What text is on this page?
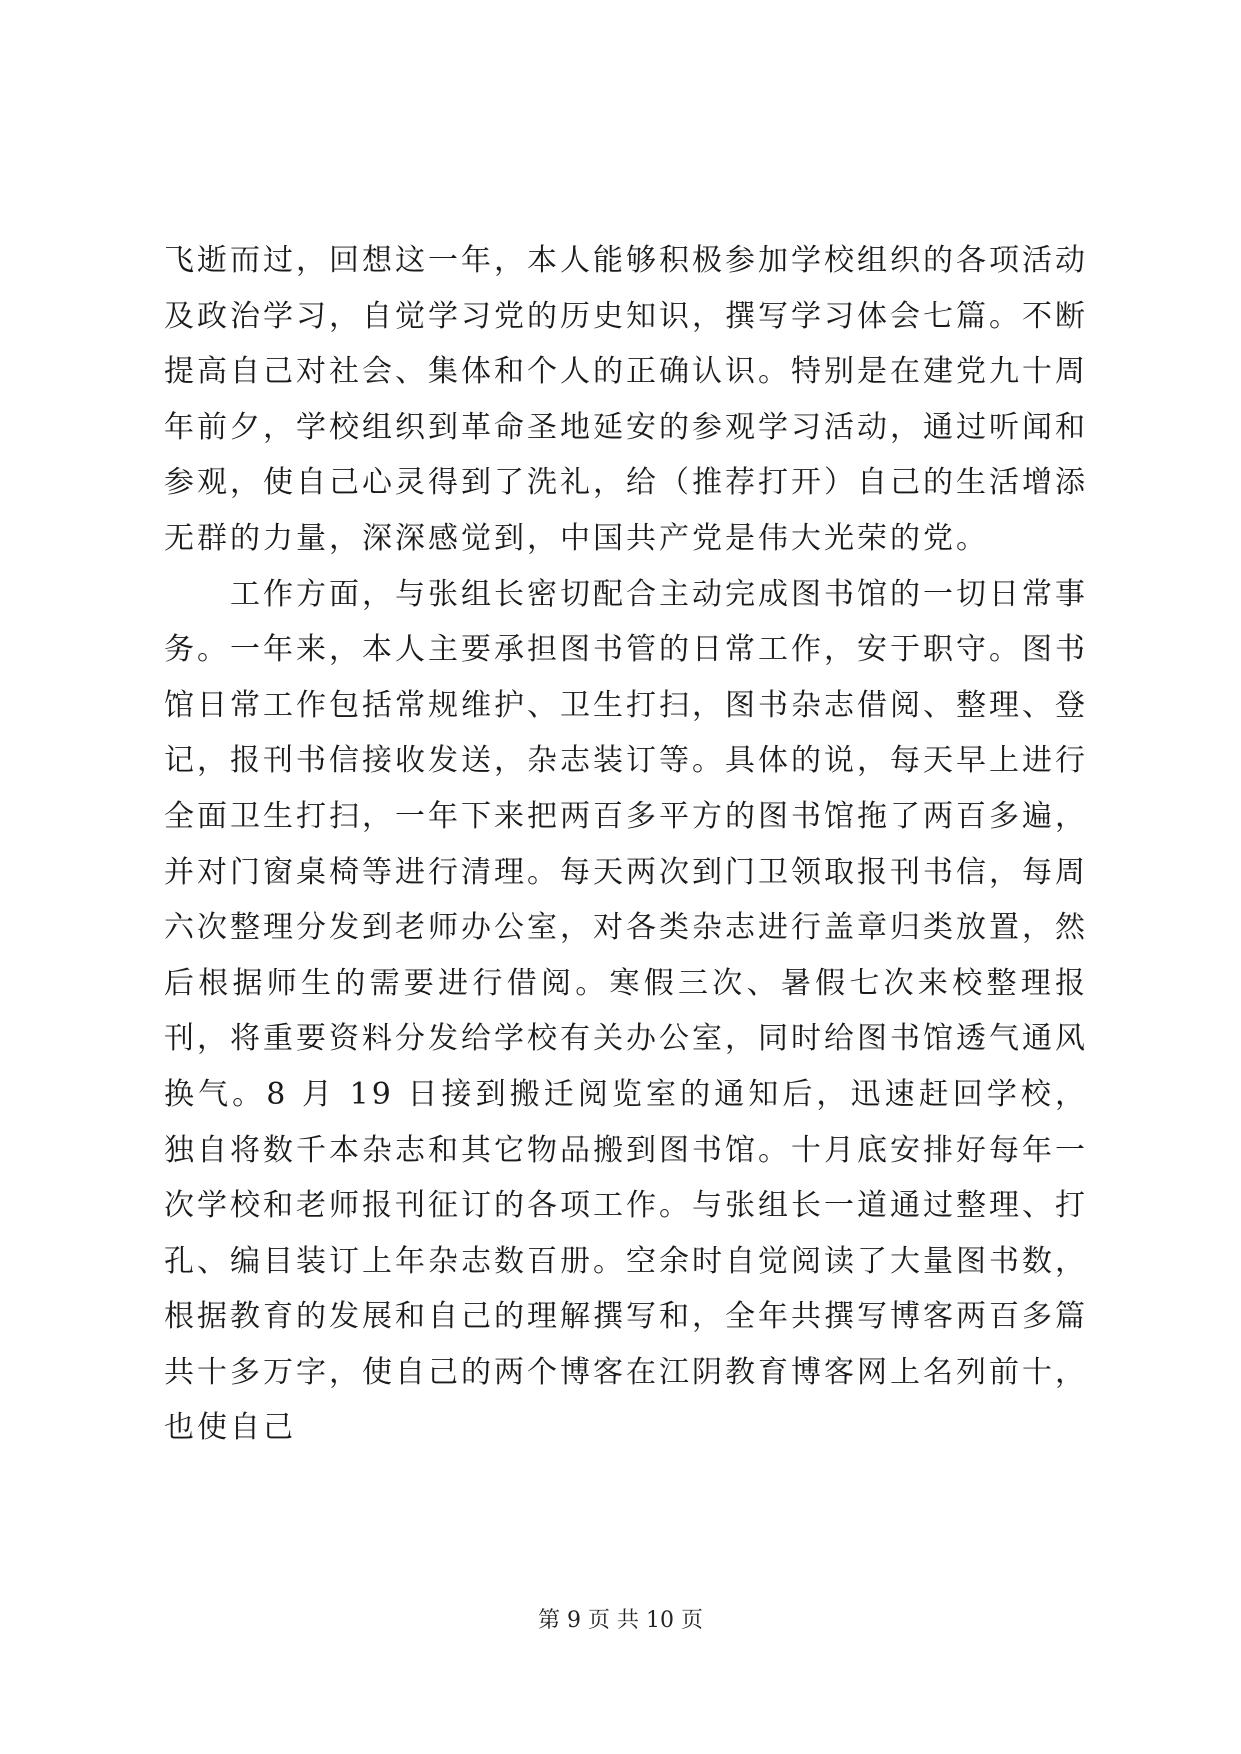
飞逝而过，回想这一年，本人能够积极参加学校组织的各项活动及政治学习，自觉学习党的历史知识，撰写学习体会七篇。不断提高自己对社会、集体和个人的正确认识。特别是在建党九十周年前夕，学校组织到革命圣地延安的参观学习活动，通过听闻和参观，使自己心灵得到了洗礼，给（推荐打开）自己的生活增添无群的力量，深深感觉到，中国共产党是伟大光荣的党。

工作方面，与张组长密切配合主动完成图书馆的一切日常事务。一年来，本人主要承担图书管的日常工作，安于职守。图书馆日常工作包括常规维护、卫生打扫，图书杂志借阅、整理、登记，报刊书信接收发送，杂志装订等。具体的说，每天早上进行全面卫生打扫，一年下来把两百多平方的图书馆拖了两百多遍，并对门窗桌椅等进行清理。每天两次到门卫领取报刊书信，每周六次整理分发到老师办公室，对各类杂志进行盖章归类放置，然后根据师生的需要进行借阅。寒假三次、暑假七次来校整理报刊，将重要资料分发给学校有关办公室，同时给图书馆透气通风换气。8 月 19 日接到搬迁阅览室的通知后，迅速赶回学校，独自将数千本杂志和其它物品搬到图书馆。十月底安排好每年一次学校和老师报刊征订的各项工作。与张组长一道通过整理、打孔、编目装订上年杂志数百册。空余时自觉阅读了大量图书数，根据教育的发展和自己的理解撰写和，全年共撰写博客两百多篇共十多万字，使自己的两个博客在江阴教育博客网上名列前十，也使自己

第 9 页 共 10 页
